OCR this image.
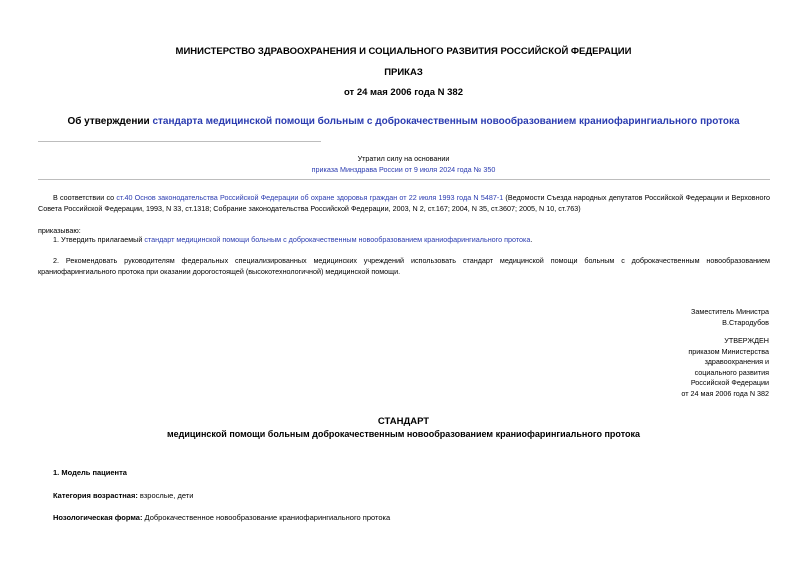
МИНИСТЕРСТВО ЗДРАВООХРАНЕНИЯ И СОЦИАЛЬНОГО РАЗВИТИЯ РОССИЙСКОЙ ФЕДЕРАЦИИ
ПРИКАЗ
от 24 мая 2006 года N 382
Об утверждении стандарта медицинской помощи больным с доброкачественным новообразованием краниофарингиального протокa
Утратил силу на основании
приказа Минздрава России от 9 июля 2024 года № 350
В соответствии со ст.40 Основ законодательства Российской Федерации об охране здоровья граждан от 22 июля 1993 года N 5487-1 (Ведомости Съезда народных депутатов Российской Федерации и Верховного Совета Российской Федерации, 1993, N 33, ст.1318; Собрание законодательства Российской Федерации, 2003, N 2, ст.167; 2004, N 35, ст.3607; 2005, N 10, ст.763)
приказываю:
1. Утвердить прилагаемый стандарт медицинской помощи больным с доброкачественным новообразованием краниофарингиального протока.
2. Рекомендовать руководителям федеральных специализированных медицинских учреждений использовать стандарт медицинской помощи больным с доброкачественным новообразованием краниофарингиального протока при оказании дорогостоящей (высокотехнологичной) медицинской помощи.
Заместитель Министра
В.Стародубов
УТВЕРЖДЕН
приказом Министерства
здравоохранения и
социального развития
Российской Федерации
от 24 мая 2006 года N 382
СТАНДАРТ
медицинской помощи больным доброкачественным новообразованием краниофарингиального протока
1. Модель пациента
Категория возрастная: взрослые, дети
Нозологическая форма: Доброкачественное новообразование краниофарингиального протока
